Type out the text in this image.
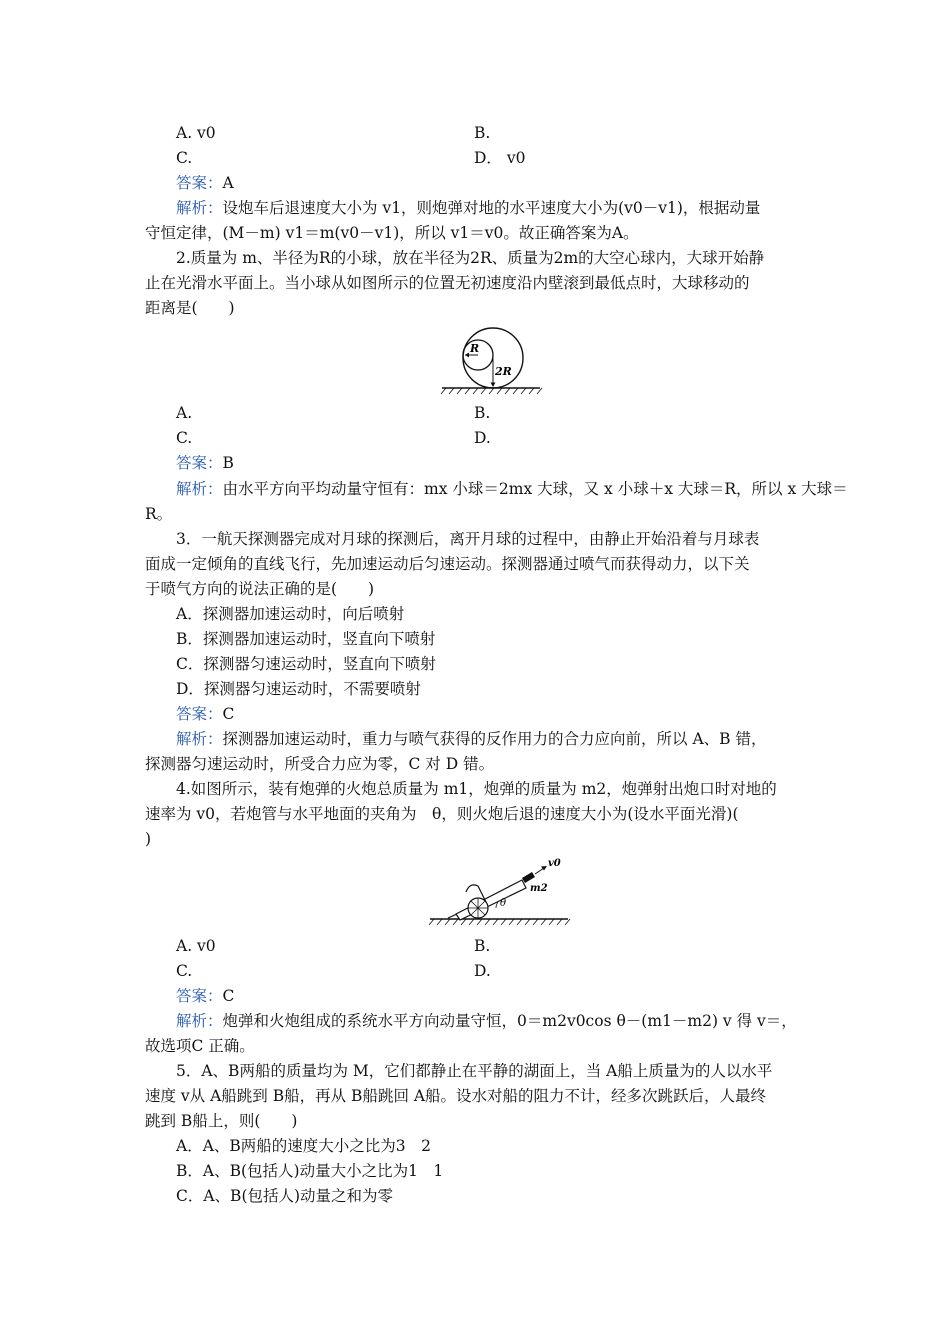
A. v0	B.
C.	D． v0
答案：A
解析：设炮车后退速度大小为 v1，则炮弹对地的水平速度大小为(v0－v1)，根据动量
守恒定律，(M－m) v1＝m(v0－v1)，所以 v1＝v0。故正确答案为A。
2.质量为 m、半径为R的小球，放在半径为2R、质量为2m的大空心球内，大球开始静
止在光滑水平面上。当小球从如图所示的位置无初速度沿内壁滚到最低点时，大球移动的
距离是(　　)
R
2R
A.	B.
C.	D.
答案：B
解析：由水平方向平均动量守恒有：mx 小球＝2mx 大球，又 x 小球＋x 大球＝R，所以 x 大球＝
R。
3．一航天探测器完成对月球的探测后，离开月球的过程中，由静止开始沿着与月球表
面成一定倾角的直线飞行，先加速运动后匀速运动。探测器通过喷气而获得动力，以下关
于喷气方向的说法正确的是(　　)
A．探测器加速运动时，向后喷射
B．探测器加速运动时，竖直向下喷射
C．探测器匀速运动时，竖直向下喷射
D．探测器匀速运动时，不需要喷射
答案：C
解析：探测器加速运动时，重力与喷气获得的反作用力的合力应向前，所以 A、B 错，
探测器匀速运动时，所受合力应为零，C 对 D 错。
4.如图所示，装有炮弹的火炮总质量为 m1，炮弹的质量为 m2，炮弹射出炮口时对地的
速率为 v0，若炮管与水平地面的夹角为　θ，则火炮后退的速度大小为(设水平面光滑)(
)
v0
m2
θ
A. v0	B.
C.	D.
答案：C
解析：炮弹和火炮组成的系统水平方向动量守恒，0＝m2v0cos θ－(m1－m2) v 得 v＝，
故选项C 正确。
5．A、B两船的质量均为 M，它们都静止在平静的湖面上，当 A船上质量为的人以水平
速度 v从 A船跳到 B船，再从 B船跳回 A船。设水对船的阻力不计，经多次跳跃后，人最终
跳到 B船上，则(　　)
A．A、B两船的速度大小之比为3　2
B．A、B(包括人)动量大小之比为1　1
C．A、B(包括人)动量之和为零
